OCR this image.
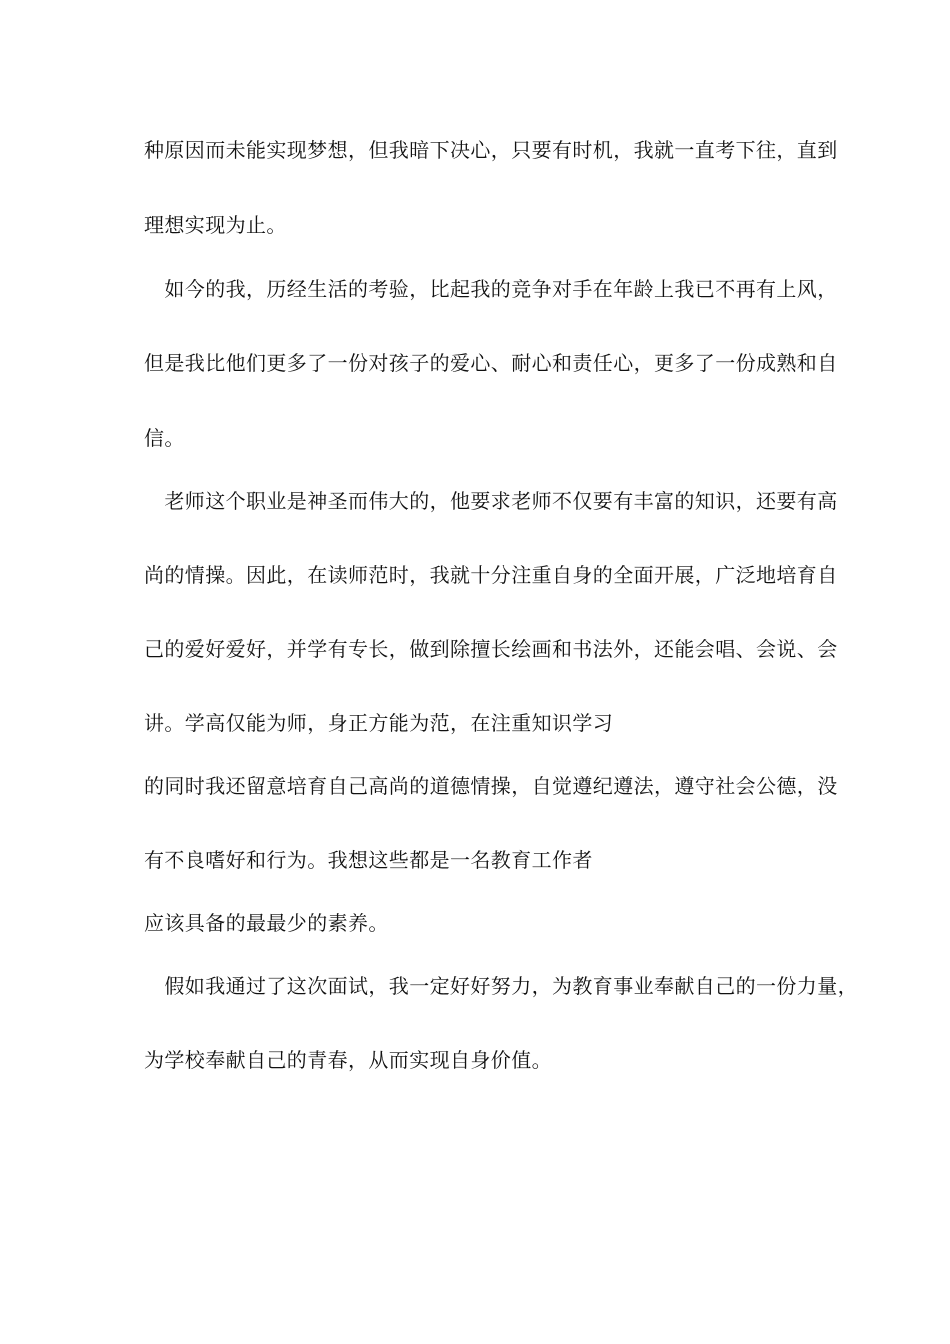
种原因而未能实现梦想，但我暗下决心，只要有时机，我就一直考下往，直到
理想实现为止。
　如今的我，历经生活的考验，比起我的竞争对手在年龄上我已不再有上风，
但是我比他们更多了一份对孩子的爱心、耐心和责任心，更多了一份成熟和自
信。
　老师这个职业是神圣而伟大的，他要求老师不仅要有丰富的知识，还要有高
尚的情操。因此，在读师范时，我就十分注重自身的全面开展，广泛地培育自
己的爱好爱好，并学有专长，做到除擅长绘画和书法外，还能会唱、会说、会
讲。学高仅能为师，身正方能为范，在注重知识学习
的同时我还留意培育自己高尚的道德情操，自觉遵纪遵法，遵守社会公德，没
有不良嗜好和行为。我想这些都是一名教育工作者
应该具备的最最少的素养。
　假如我通过了这次面试，我一定好好努力，为教育事业奉献自己的一份力量，
为学校奉献自己的青春，从而实现自身价值。
